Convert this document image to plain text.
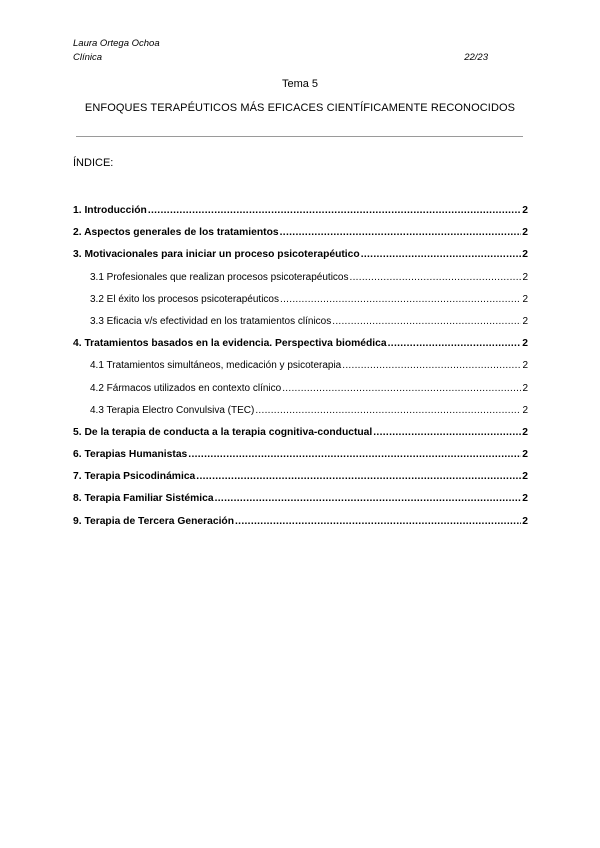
Laura Ortega Ochoa
Clínica	22/23
Tema 5
ENFOQUES TERAPÉUTICOS MÁS EFICACES CIENTÍFICAMENTE RECONOCIDOS
ÍNDICE:
1. Introducción .....	2
2. Aspectos generales de los tratamientos .....	2
3. Motivacionales para iniciar un proceso psicoterapéutico .....	2
3.1 Profesionales que realizan procesos psicoterapéuticos .....	2
3.2 El éxito los procesos psicoterapéuticos .....	2
3.3 Eficacia v/s efectividad en los tratamientos clínicos .....	2
4. Tratamientos basados en la evidencia. Perspectiva biomédica .....	2
4.1 Tratamientos simultáneos, medicación y psicoterapia .....	2
4.2 Fármacos utilizados en contexto clínico .....	2
4.3 Terapia Electro Convulsiva (TEC) .....	2
5. De la terapia de conducta a la terapia cognitiva-conductual .....	2
6. Terapias Humanistas .....	2
7. Terapia Psicodinámica .....	2
8. Terapia Familiar Sistémica .....	2
9. Terapia de Tercera Generación .....	2
